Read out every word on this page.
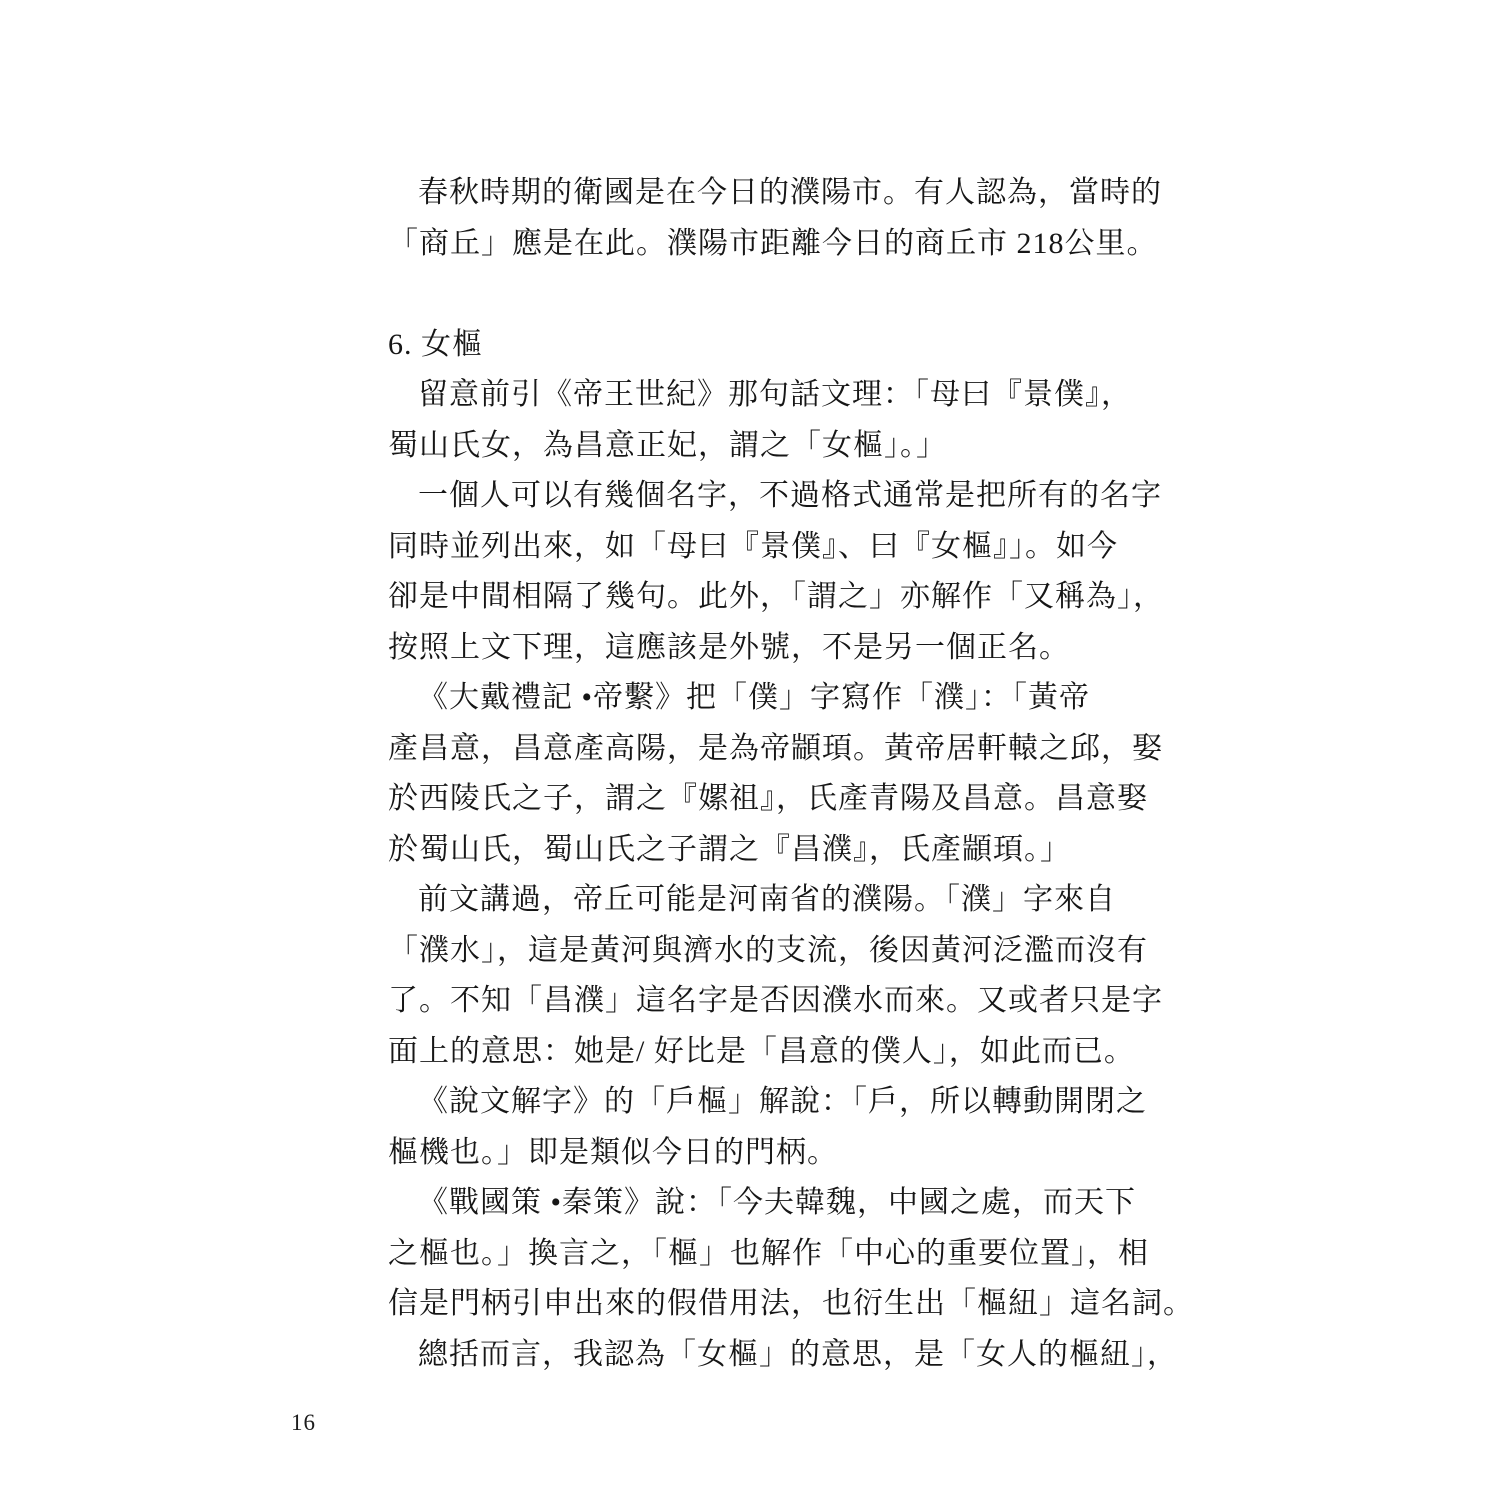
春秋時期的衛國是在今日的濮陽市。有人認為，當時的
「商丘」應是在此。濮陽市距離今日的商丘市 218公里。
6. 女樞
留意前引《帝王世紀》那句話文理：「母曰『景僕』，
蜀山氏女，為昌意正妃，謂之「女樞」。」
一個人可以有幾個名字，不過格式通常是把所有的名字
同時並列出來，如「母曰『景僕』、曰『女樞』」。如今
卻是中間相隔了幾句。此外，「謂之」亦解作「又稱為」，
按照上文下理，這應該是外號，不是另一個正名。
《大戴禮記 •帝繫》把「僕」字寫作「濮」：「黃帝
產昌意，昌意產高陽，是為帝顓頊。黃帝居軒轅之邱，娶
於西陵氏之子，謂之『嫘祖』，氏產青陽及昌意。昌意娶
於蜀山氏，蜀山氏之子謂之『昌濮』，氏產顓頊。」
前文講過，帝丘可能是河南省的濮陽。「濮」字來自
「濮水」，這是黃河與濟水的支流，後因黃河泛濫而沒有
了。不知「昌濮」這名字是否因濮水而來。又或者只是字
面上的意思：她是/ 好比是「昌意的僕人」，如此而已。
《說文解字》的「戶樞」解說：「戶，所以轉動開閉之
樞機也。」即是類似今日的門柄。
《戰國策 •秦策》說：「今夫韓魏，中國之處，而天下
之樞也。」換言之，「樞」也解作「中心的重要位置」，相
信是門柄引申出來的假借用法，也衍生出「樞紐」這名詞。
總括而言，我認為「女樞」的意思，是「女人的樞紐」，
16
